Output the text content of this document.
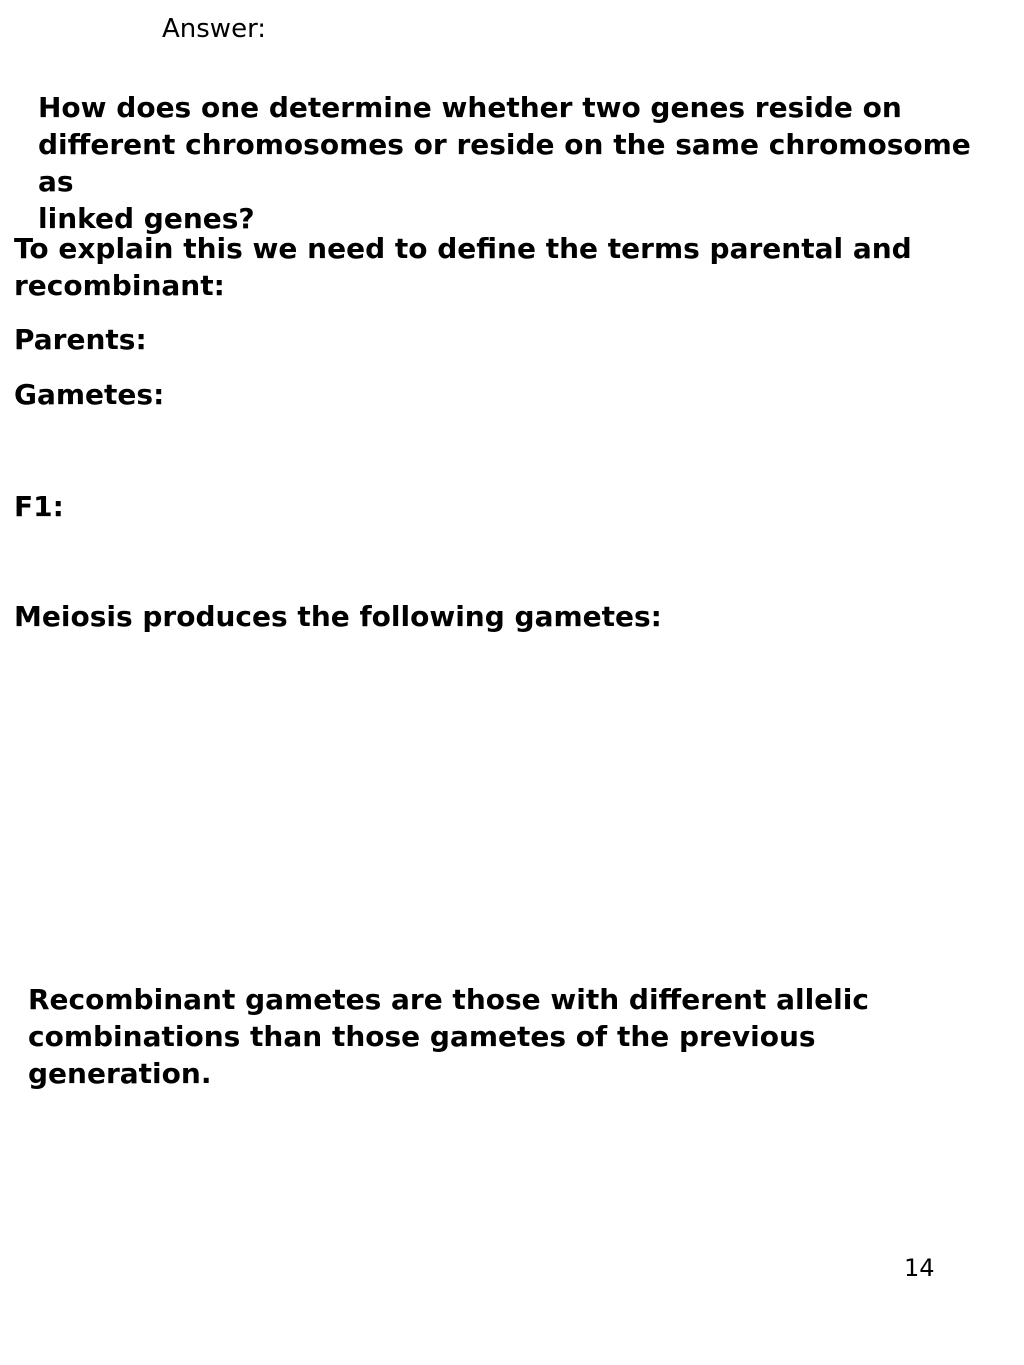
Answer:

How does one determine whether two genes reside on
different chromosomes or reside on the same chromosome as
linked genes?

To explain this we need to define the terms parental and
recombinant:

Parents:

Gametes:

F1:

Meiosis produces the following gametes:

Recombinant gametes are those with different allelic
combinations than those gametes of the previous generation.

14
